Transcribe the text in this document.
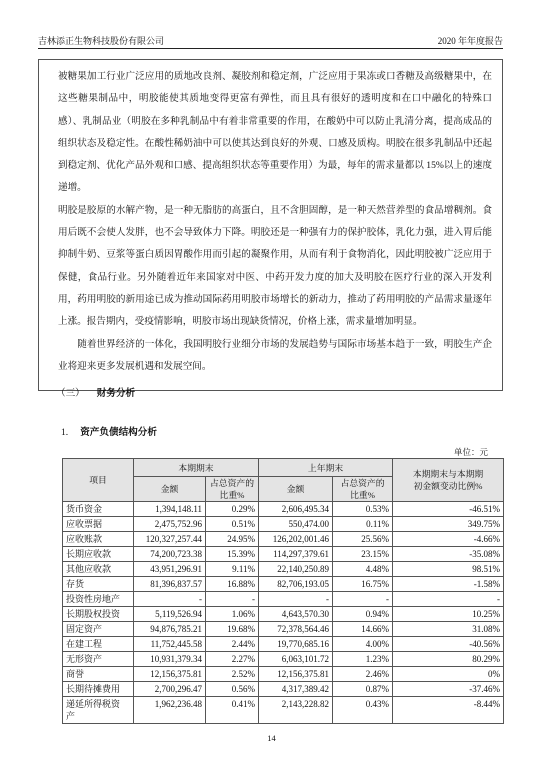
吉林添正生物科技股份有限公司	2020 年年度报告

被糖果加工行业广泛应用的质地改良剂、凝胶剂和稳定剂，广泛应用于果冻或口香糖及高级糖果中，在这些糖果制品中，明胶能使其质地变得更富有弹性，而且具有很好的透明度和在口中融化的特殊口感）、乳制品业（明胶在多种乳制品中有着非常重要的作用，在酸奶中可以防止乳清分离，提高成品的组织状态及稳定性。在酸性稀奶油中可以使其达到良好的外观、口感及质构。明胶在很多乳制品中还起到稳定剂、优化产品外观和口感、提高组织状态等重要作用）为最，每年的需求量都以 15%以上的速度递增。

明胶是胶原的水解产物，是一种无脂肪的高蛋白，且不含胆固醇，是一种天然营养型的食品增稠剂。食用后既不会使人发胖，也不会导致体力下降。明胶还是一种强有力的保护胶体，乳化力强，进入胃后能抑制牛奶、豆浆等蛋白质因胃酸作用而引起的凝聚作用，从而有利于食物消化，因此明胶被广泛应用于保健，食品行业。另外随着近年来国家对中医、中药开发力度的加大及明胶在医疗行业的深入开发利用，药用明胶的新用途已成为推动国际药用明胶市场增长的新动力，推动了药用明胶的产品需求量逐年上涨。报告期内，受疫情影响，明胶市场出现缺货情况，价格上涨，需求量增加明显。

随着世界经济的一体化，我国明胶行业细分市场的发展趋势与国际市场基本趋于一致，明胶生产企业将迎来更多发展机遇和发展空间。

（三） 财务分析
1. 资产负债结构分析
单位：元
项目	本期期末		上年期末		本期期末与本期期初金额变动比例%
	金额	占总资产的比重%	金额	占总资产的比重%	
货币资金	1,394,148.11	0.29%	2,606,495.34	0.53%	-46.51%
应收票据	2,475,752.96	0.51%	550,474.00	0.11%	349.75%
应收账款	120,327,257.44	24.95%	126,202,001.46	25.56%	-4.66%
长期应收款	74,200,723.38	15.39%	114,297,379.61	23.15%	-35.08%
其他应收款	43,951,296.91	9.11%	22,140,250.89	4.48%	98.51%
存货	81,396,837.57	16.88%	82,706,193.05	16.75%	-1.58%
投资性房地产	-	-	-	-	-
长期股权投资	5,119,526.94	1.06%	4,643,570.30	0.94%	10.25%
固定资产	94,876,785.21	19.68%	72,378,564.46	14.66%	31.08%
在建工程	11,752,445.58	2.44%	19,770,685.16	4.00%	-40.56%
无形资产	10,931,379.34	2.27%	6,063,101.72	1.23%	80.29%
商誉	12,156,375.81	2.52%	12,156,375.81	2.46%	0%
长期待摊费用	2,700,296.47	0.56%	4,317,389.42	0.87%	-37.46%
递延所得税资产	1,962,236.48	0.41%	2,143,228.82	0.43%	-8.44%
14
